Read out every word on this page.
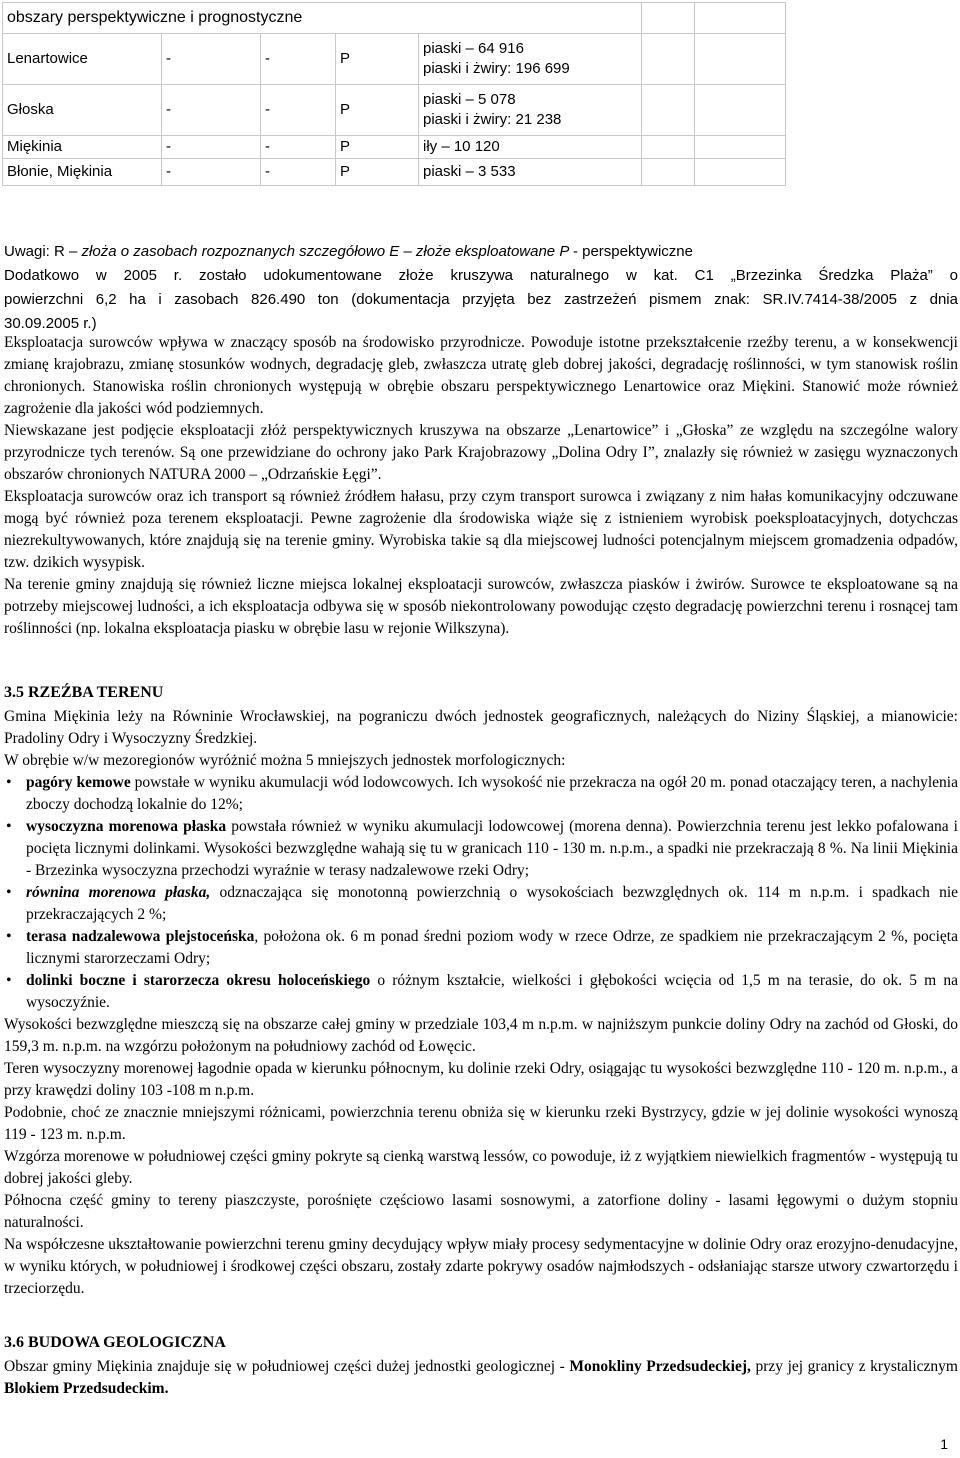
obszary perspektywiczne i prognostyczne						
Lenartowice	-	-	P	piaski – 64 916
piaski i żwiry: 196 699		

Głoska	-	-	P	piaski – 5 078
piaski i żwiry: 21 238		

Miękinia	-	-	P	iły – 10 120		
Błonie, Miękinia	-	-	P	piaski – 3 533		

Uwagi: R – złoża o zasobach rozpoznanych szczegółowo E – złoże eksploatowane P - perspektywiczne

Dodatkowo w 2005 r. zostało udokumentowane złoże kruszywa naturalnego w kat. C1 „Brzezinka Średzka Plaża” o

powierzchni 6,2 ha i zasobach 826.490 ton (dokumentacja przyjęta bez zastrzeżeń pismem znak: SR.IV.7414-38/2005 z dnia

30.09.2005 r.)

Eksploatacja surowców wpływa w znaczący sposób na środowisko przyrodnicze. Powoduje istotne przekształcenie rzeźby terenu, a w konsekwencji zmianę krajobrazu, zmianę stosunków wodnych, degradację gleb, zwłaszcza utratę gleb dobrej jakości, degradację roślinności, w tym stanowisk roślin chronionych. Stanowiska roślin chronionych występują w obrębie obszaru perspektywicznego Lenartowice oraz Miękini. Stanowić może również zagrożenie dla jakości wód podziemnych.

Niewskazane jest podjęcie eksploatacji złóż perspektywicznych kruszywa na obszarze „Lenartowice” i „Głoska” ze względu na szczególne walory przyrodnicze tych terenów. Są one przewidziane do ochrony jako Park Krajobrazowy „Dolina Odry I”, znalazły się również w zasięgu wyznaczonych obszarów chronionych NATURA 2000 – „Odrzańskie Łęgi”.

Eksploatacja surowców oraz ich transport są również źródłem hałasu, przy czym transport surowca i związany z nim hałas komunikacyjny odczuwane mogą być również poza terenem eksploatacji. Pewne zagrożenie dla środowiska wiąże się z istnieniem wyrobisk poeksploatacyjnych, dotychczas niezrekultywowanych, które znajdują się na terenie gminy. Wyrobiska takie są dla miejscowej ludności potencjalnym miejscem gromadzenia odpadów, tzw. dzikich wysypisk.

Na terenie gminy znajdują się również liczne miejsca lokalnej eksploatacji surowców, zwłaszcza piasków i żwirów. Surowce te eksploatowane są na potrzeby miejscowej ludności, a ich eksploatacja odbywa się w sposób niekontrolowany powodując często degradację powierzchni terenu i rosnącej tam roślinności (np. lokalna eksploatacja piasku w obrębie lasu w rejonie Wilkszyna).

3.5 RZEŹBA TERENU

Gmina Miękinia leży na Równinie Wrocławskiej, na pograniczu dwóch jednostek geograficznych, należących do Niziny Śląskiej, a mianowicie: Pradoliny Odry i Wysoczyzny Średzkiej.

W obrębie w/w mezoregionów wyróżnić można 5 mniejszych jednostek morfologicznych:

• pagóry kemowe powstałe w wyniku akumulacji wód lodowcowych. Ich wysokość nie przekracza na ogół 20 m. ponad otaczający teren, a nachylenia zboczy dochodzą lokalnie do 12%;
• wysoczyzna morenowa płaska powstała również w wyniku akumulacji lodowcowej (morena denna). Powierzchnia terenu jest lekko pofalowana i pocięta licznymi dolinkami. Wysokości bezwzględne wahają się tu w granicach 110 - 130 m. n.p.m., a spadki nie przekraczają 8 %. Na linii Miękinia - Brzezinka wysoczyzna przechodzi wyraźnie w terasy nadzalewowe rzeki Odry;
• równina morenowa płaska, odznaczająca się monotonną powierzchnią o wysokościach bezwzględnych ok. 114 m n.p.m. i spadkach nie przekraczających 2 %;
• terasa nadzalewowa plejstoceńska, położona ok. 6 m ponad średni poziom wody w rzece Odrze, ze spadkiem nie przekraczającym 2 %, pocięta licznymi starorzeczami Odry;
• dolinki boczne i starorzecza okresu holoceńskiego o różnym kształcie, wielkości i głębokości wcięcia od 1,5 m na terasie, do ok. 5 m na wysoczyźnie.

Wysokości bezwzględne mieszczą się na obszarze całej gminy w przedziale 103,4 m n.p.m. w najniższym punkcie doliny Odry na zachód od Głoski, do 159,3 m. n.p.m. na wzgórzu położonym na południowy zachód od Łowęcic.

Teren wysoczyzny morenowej łagodnie opada w kierunku północnym, ku dolinie rzeki Odry, osiągając tu wysokości bezwzględne 110 - 120 m. n.p.m., a przy krawędzi doliny 103 -108 m n.p.m.

Podobnie, choć ze znacznie mniejszymi różnicami, powierzchnia terenu obniża się w kierunku rzeki Bystrzycy, gdzie w jej dolinie wysokości wynoszą 119 - 123 m. n.p.m.

Wzgórza morenowe w południowej części gminy pokryte są cienką warstwą lessów, co powoduje, iż z wyjątkiem niewielkich fragmentów - występują tu dobrej jakości gleby.

Północna część gminy to tereny piaszczyste, porośnięte częściowo lasami sosnowymi, a zatorfione doliny - lasami łęgowymi o dużym stopniu naturalności.

Na współczesne ukształtowanie powierzchni terenu gminy decydujący wpływ miały procesy sedymentacyjne w dolinie Odry oraz erozyjno-denudacyjne, w wyniku których, w południowej i środkowej części obszaru, zostały zdarte pokrywy osadów najmłodszych - odsłaniając starsze utwory czwartorzędu i trzeciorzędu.

3.6 BUDOWA GEOLOGICZNA

Obszar gminy Miękinia znajduje się w południowej części dużej jednostki geologicznej - Monokliny Przedsudeckiej, przy jej granicy z krystalicznym Blokiem Przedsudeckim.

1
